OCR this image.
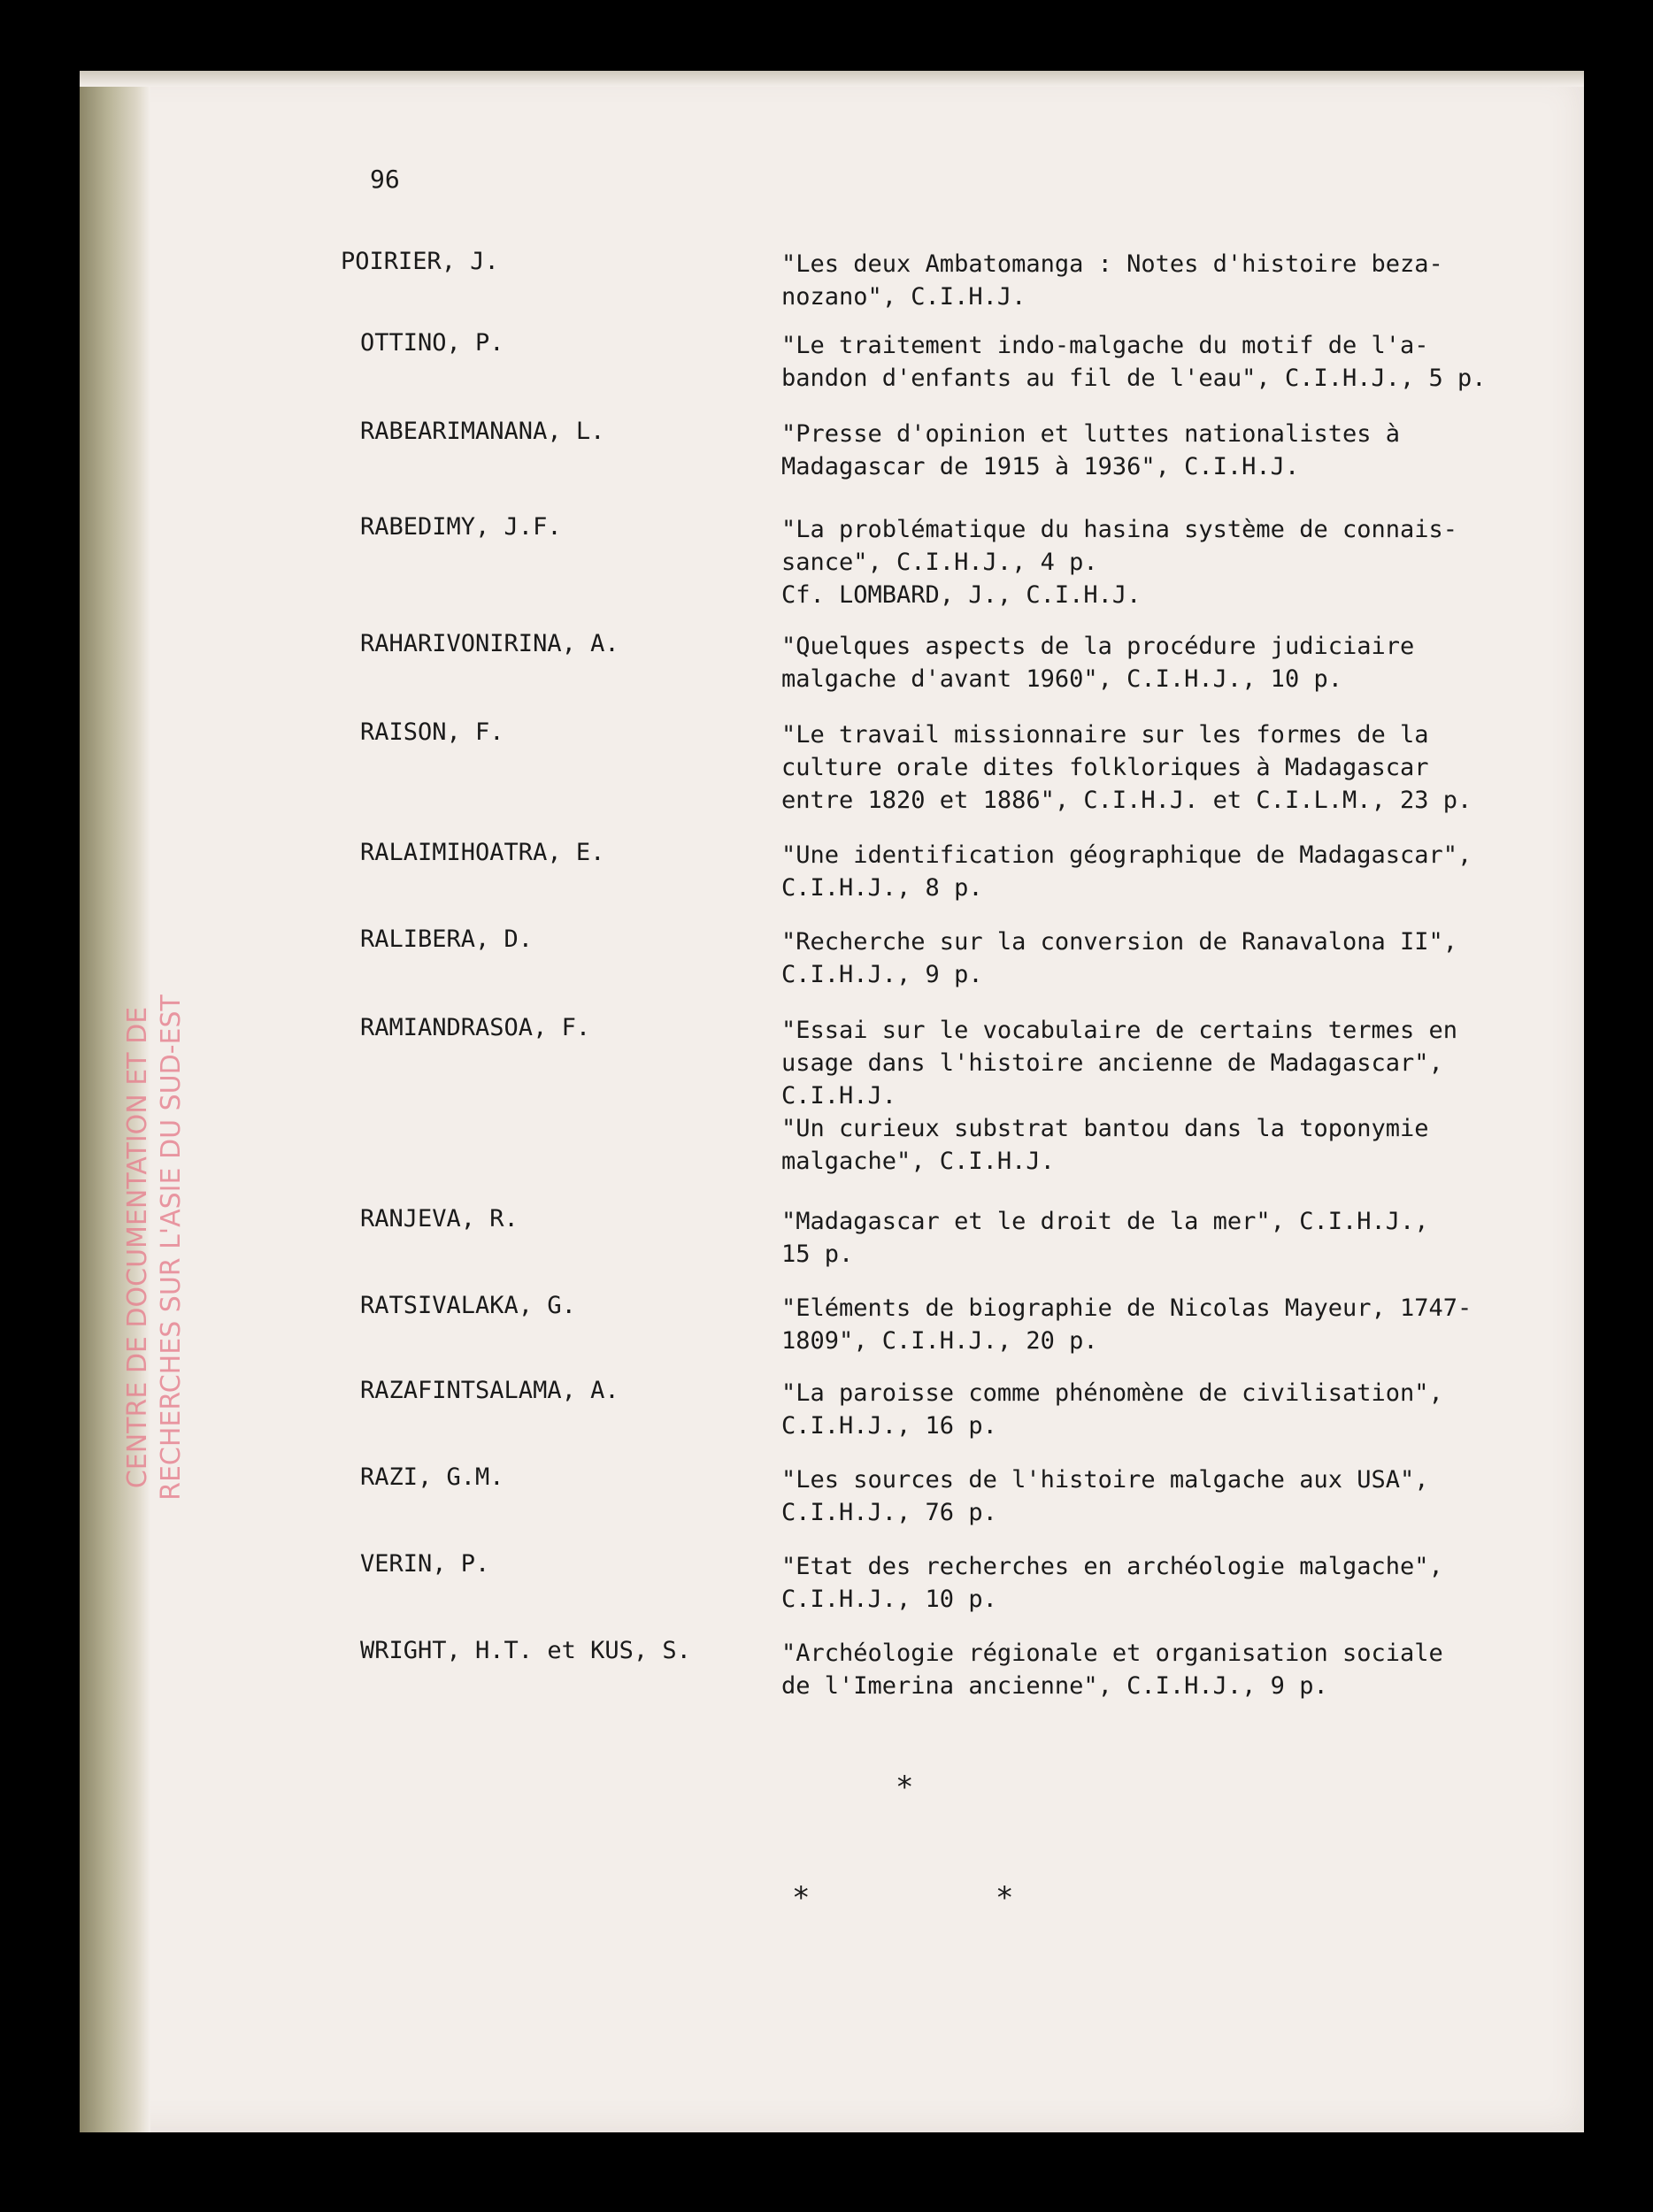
CENTRE DE DOCUMENTATION ET DE RECHERCHES SUR L'ASIE DU SUD-EST
96
POIRIER, J.	"Les deux Ambatomanga : Notes d'histoire beza-
nozano", C.I.H.J.
OTTINO, P.	"Le traitement indo-malgache du motif de l'a-
bandon d'enfants au fil de l'eau", C.I.H.J., 5 p.
RABEARIMANANA, L.	"Presse d'opinion et luttes nationalistes à
Madagascar de 1915 à 1936", C.I.H.J.
RABEDIMY, J.F.	"La problématique du hasina système de connais-
sance", C.I.H.J., 4 p.
Cf. LOMBARD, J., C.I.H.J.
RAHARIVONIRINA, A.	"Quelques aspects de la procédure judiciaire
malgache d'avant 1960", C.I.H.J., 10 p.
RAISON, F.	"Le travail missionnaire sur les formes de la
culture orale dites folkloriques à Madagascar
entre 1820 et 1886", C.I.H.J. et C.I.L.M., 23 p.
RALAIMIHOATRA, E.	"Une identification géographique de Madagascar",
C.I.H.J., 8 p.
RALIBERA, D.	"Recherche sur la conversion de Ranavalona II",
C.I.H.J., 9 p.
RAMIANDRASOA, F.	"Essai sur le vocabulaire de certains termes en
usage dans l'histoire ancienne de Madagascar",
C.I.H.J.
"Un curieux substrat bantou dans la toponymie
malgache", C.I.H.J.
RANJEVA, R.	"Madagascar et le droit de la mer", C.I.H.J.,
15 p.
RATSIVALAKA, G.	"Eléments de biographie de Nicolas Mayeur, 1747-
1809", C.I.H.J., 20 p.
RAZAFINTSALAMA, A.	"La paroisse comme phénomène de civilisation",
C.I.H.J., 16 p.
RAZI, G.M.	"Les sources de l'histoire malgache aux USA",
C.I.H.J., 76 p.
VERIN, P.	"Etat des recherches en archéologie malgache",
C.I.H.J., 10 p.
WRIGHT, H.T. et KUS, S.	"Archéologie régionale et organisation sociale
de l'Imerina ancienne", C.I.H.J., 9 p.
*
*	*
